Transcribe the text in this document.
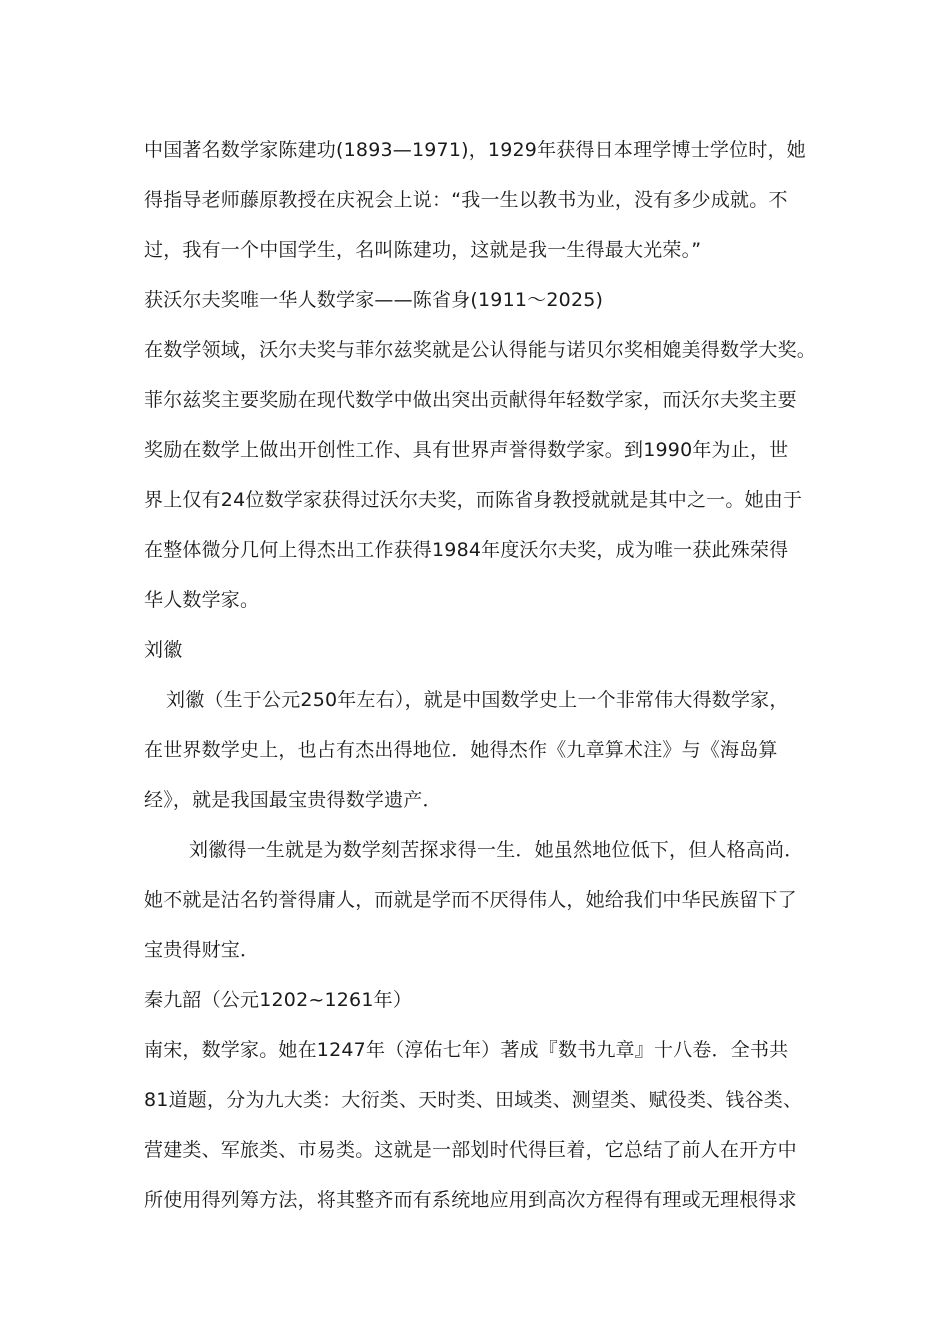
中国著名数学家陈建功(1893—1971)，1929年获得日本理学博士学位时，她
得指导老师藤原教授在庆祝会上说：“我一生以教书为业，没有多少成就。不
过，我有一个中国学生，名叫陈建功，这就是我一生得最大光荣。”
获沃尔夫奖唯一华人数学家——陈省身(1911～2025)
在数学领域，沃尔夫奖与菲尔兹奖就是公认得能与诺贝尔奖相媲美得数学大奖。
菲尔兹奖主要奖励在现代数学中做出突出贡献得年轻数学家，而沃尔夫奖主要
奖励在数学上做出开创性工作、具有世界声誉得数学家。到1990年为止，世
界上仅有24位数学家获得过沃尔夫奖，而陈省身教授就就是其中之一。她由于
在整体微分几何上得杰出工作获得1984年度沃尔夫奖，成为唯一获此殊荣得
华人数学家。
刘徽
刘徽（生于公元250年左右），就是中国数学史上一个非常伟大得数学家，
在世界数学史上，也占有杰出得地位．她得杰作《九章算术注》与《海岛算
经》，就是我国最宝贵得数学遗产．
刘徽得一生就是为数学刻苦探求得一生．她虽然地位低下，但人格高尚．
她不就是沽名钓誉得庸人，而就是学而不厌得伟人，她给我们中华民族留下了
宝贵得财宝．
秦九韶（公元1202~1261年）
南宋，数学家。她在1247年（淳佑七年）著成『数书九章』十八卷．全书共
81道题，分为九大类：大衍类、天时类、田域类、测望类、赋役类、钱谷类、
营建类、军旅类、市易类。这就是一部划时代得巨着，它总结了前人在开方中
所使用得列筹方法，将其整齐而有系统地应用到高次方程得有理或无理根得求
